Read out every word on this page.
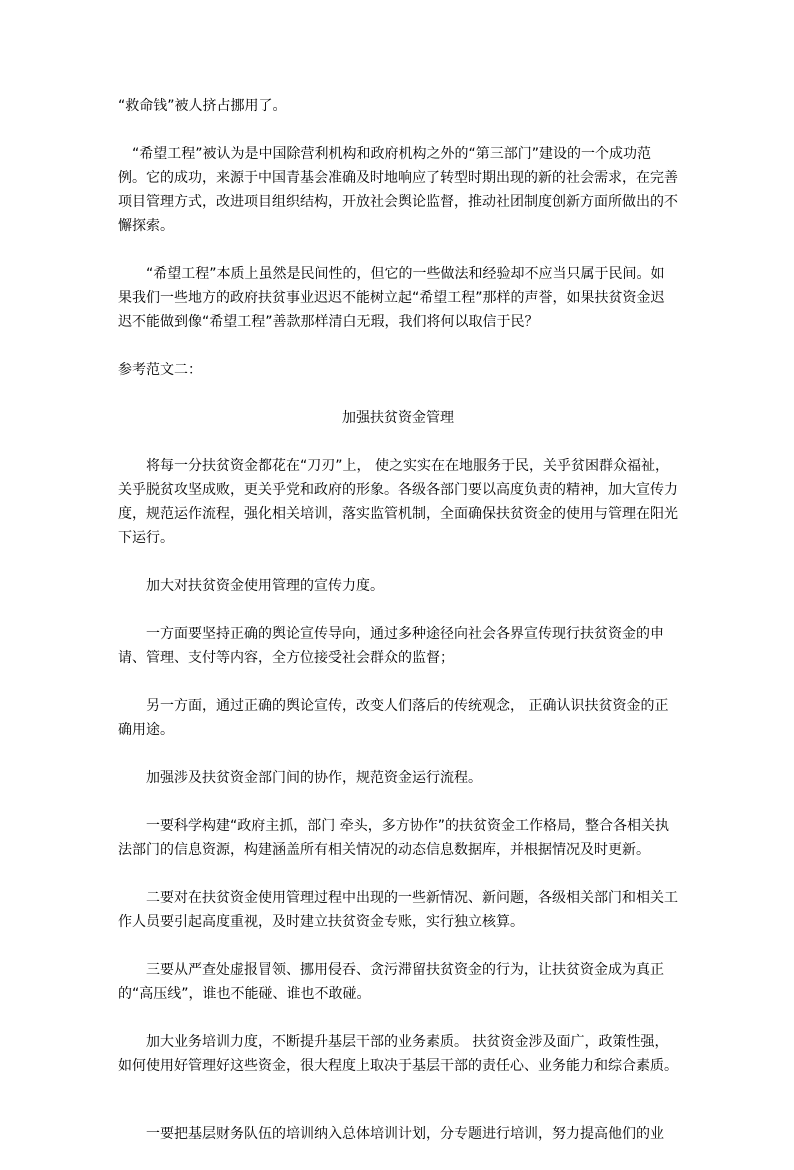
“救命钱”被人挤占挪用了。

“希望工程”被认为是中国除营利机构和政府机构之外的“第三部门”建设的一个成功范例。它的成功，来源于中国青基会准确及时地响应了转型时期出现的新的社会需求，在完善项目管理方式，改进项目组织结构，开放社会舆论监督，推动社团制度创新方面所做出的不懈探索。

“希望工程”本质上虽然是民间性的，但它的一些做法和经验却不应当只属于民间。如果我们一些地方的政府扶贫事业迟迟不能树立起“希望工程”那样的声誉，如果扶贫资金迟迟不能做到像“希望工程”善款那样清白无瑕，我们将何以取信于民？

参考范文二：

加强扶贫资金管理

将每一分扶贫资金都花在“刀刃”上， 使之实实在在地服务于民，关乎贫困群众福祉，关乎脱贫攻坚成败，更关乎党和政府的形象。各级各部门要以高度负责的精神，加大宣传力度，规范运作流程，强化相关培训，落实监管机制，全面确保扶贫资金的使用与管理在阳光下运行。

加大对扶贫资金使用管理的宣传力度。

一方面要坚持正确的舆论宣传导向，通过多种途径向社会各界宣传现行扶贫资金的申请、管理、支付等内容，全方位接受社会群众的监督；

另一方面，通过正确的舆论宣传，改变人们落后的传统观念， 正确认识扶贫资金的正确用途。

加强涉及扶贫资金部门间的协作，规范资金运行流程。

一要科学构建“政府主抓，部门 牵头，多方协作”的扶贫资金工作格局，整合各相关执法部门的信息资源，构建涵盖所有相关情况的动态信息数据库，并根据情况及时更新。

二要对在扶贫资金使用管理过程中出现的一些新情况、新问题，各级相关部门和相关工作人员要引起高度重视，及时建立扶贫资金专账，实行独立核算。

三要从严查处虚报冒领、挪用侵吞、贪污滞留扶贫资金的行为，让扶贫资金成为真正的“高压线”，谁也不能碰、谁也不敢碰。

加大业务培训力度，不断提升基层干部的业务素质。 扶贫资金涉及面广，政策性强，如何使用好管理好这些资金，很大程度上取决于基层干部的责任心、业务能力和综合素质。

一要把基层财务队伍的培训纳入总体培训计划，分专题进行培训，努力提高他们的业
